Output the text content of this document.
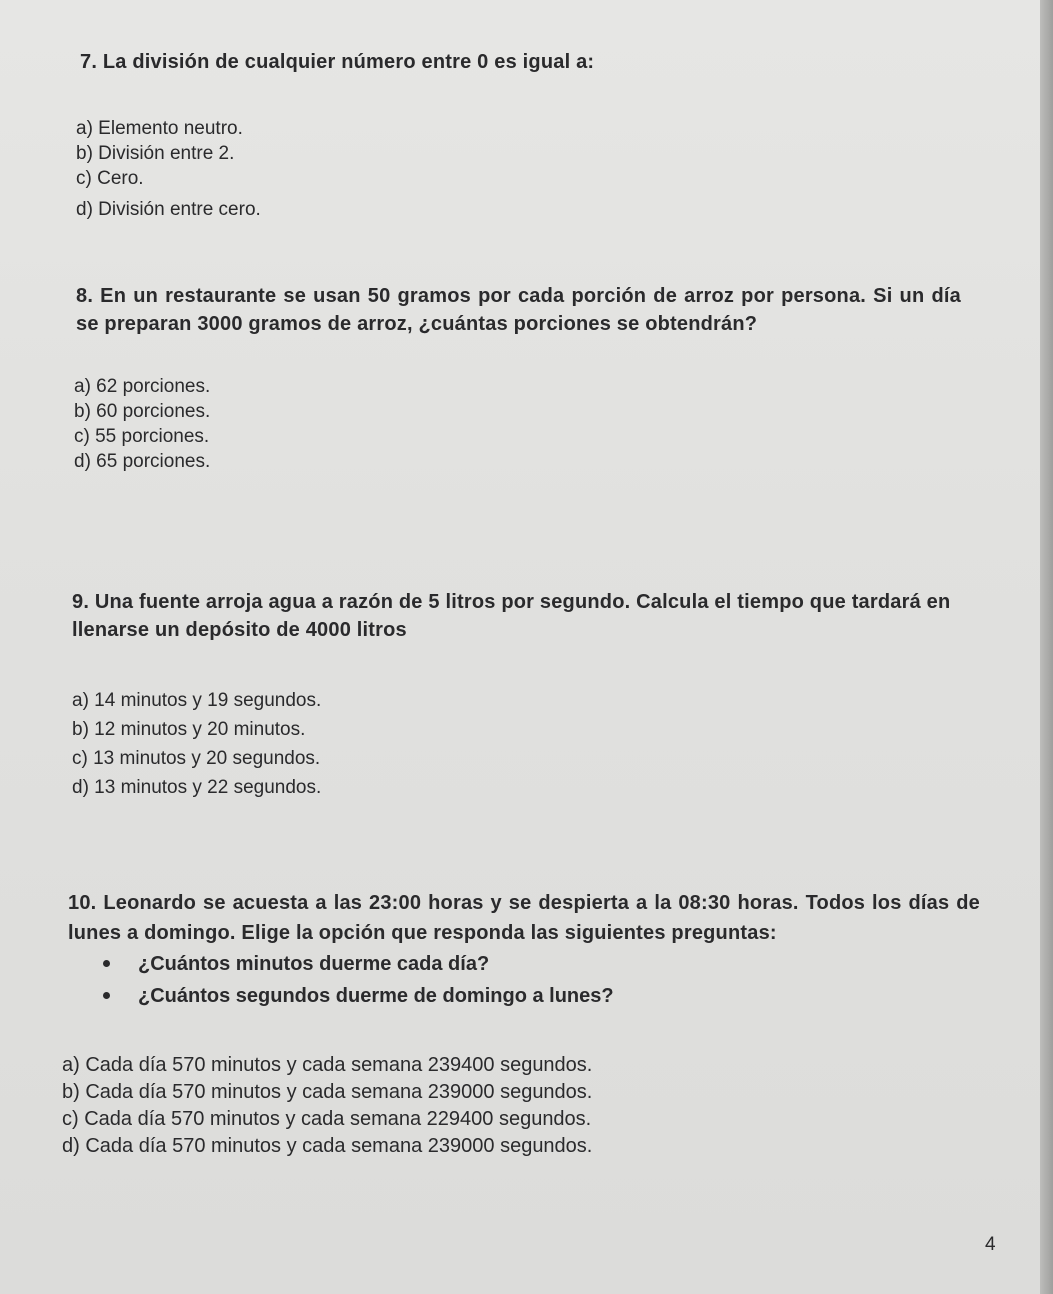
7. La división de cualquier número entre 0 es igual a:

a) Elemento neutro.
b) División entre 2.
c) Cero.
d) División entre cero.

8. En un restaurante se usan 50 gramos por cada porción de arroz por persona. Si un día se preparan 3000 gramos de arroz, ¿cuántas porciones se obtendrán?

a) 62 porciones.
b) 60 porciones.
c) 55 porciones.
d) 65 porciones.

9. Una fuente arroja agua a razón de 5 litros por segundo. Calcula el tiempo que tardará en llenarse un depósito de 4000 litros

a) 14 minutos y 19 segundos.
b) 12 minutos y 20 minutos.
c) 13 minutos y 20 segundos.
d) 13 minutos y 22 segundos.

10. Leonardo se acuesta a las 23:00 horas y se despierta a la 08:30 horas. Todos los días de lunes a domingo. Elige la opción que responda las siguientes preguntas:

¿Cuántos minutos duerme cada día?
¿Cuántos segundos duerme de domingo a lunes?
a) Cada día 570 minutos y cada semana 239400 segundos.
b) Cada día 570 minutos y cada semana 239000 segundos.
c) Cada día 570 minutos y cada semana 229400 segundos.
d) Cada día 570 minutos y cada semana 239000 segundos.
4
